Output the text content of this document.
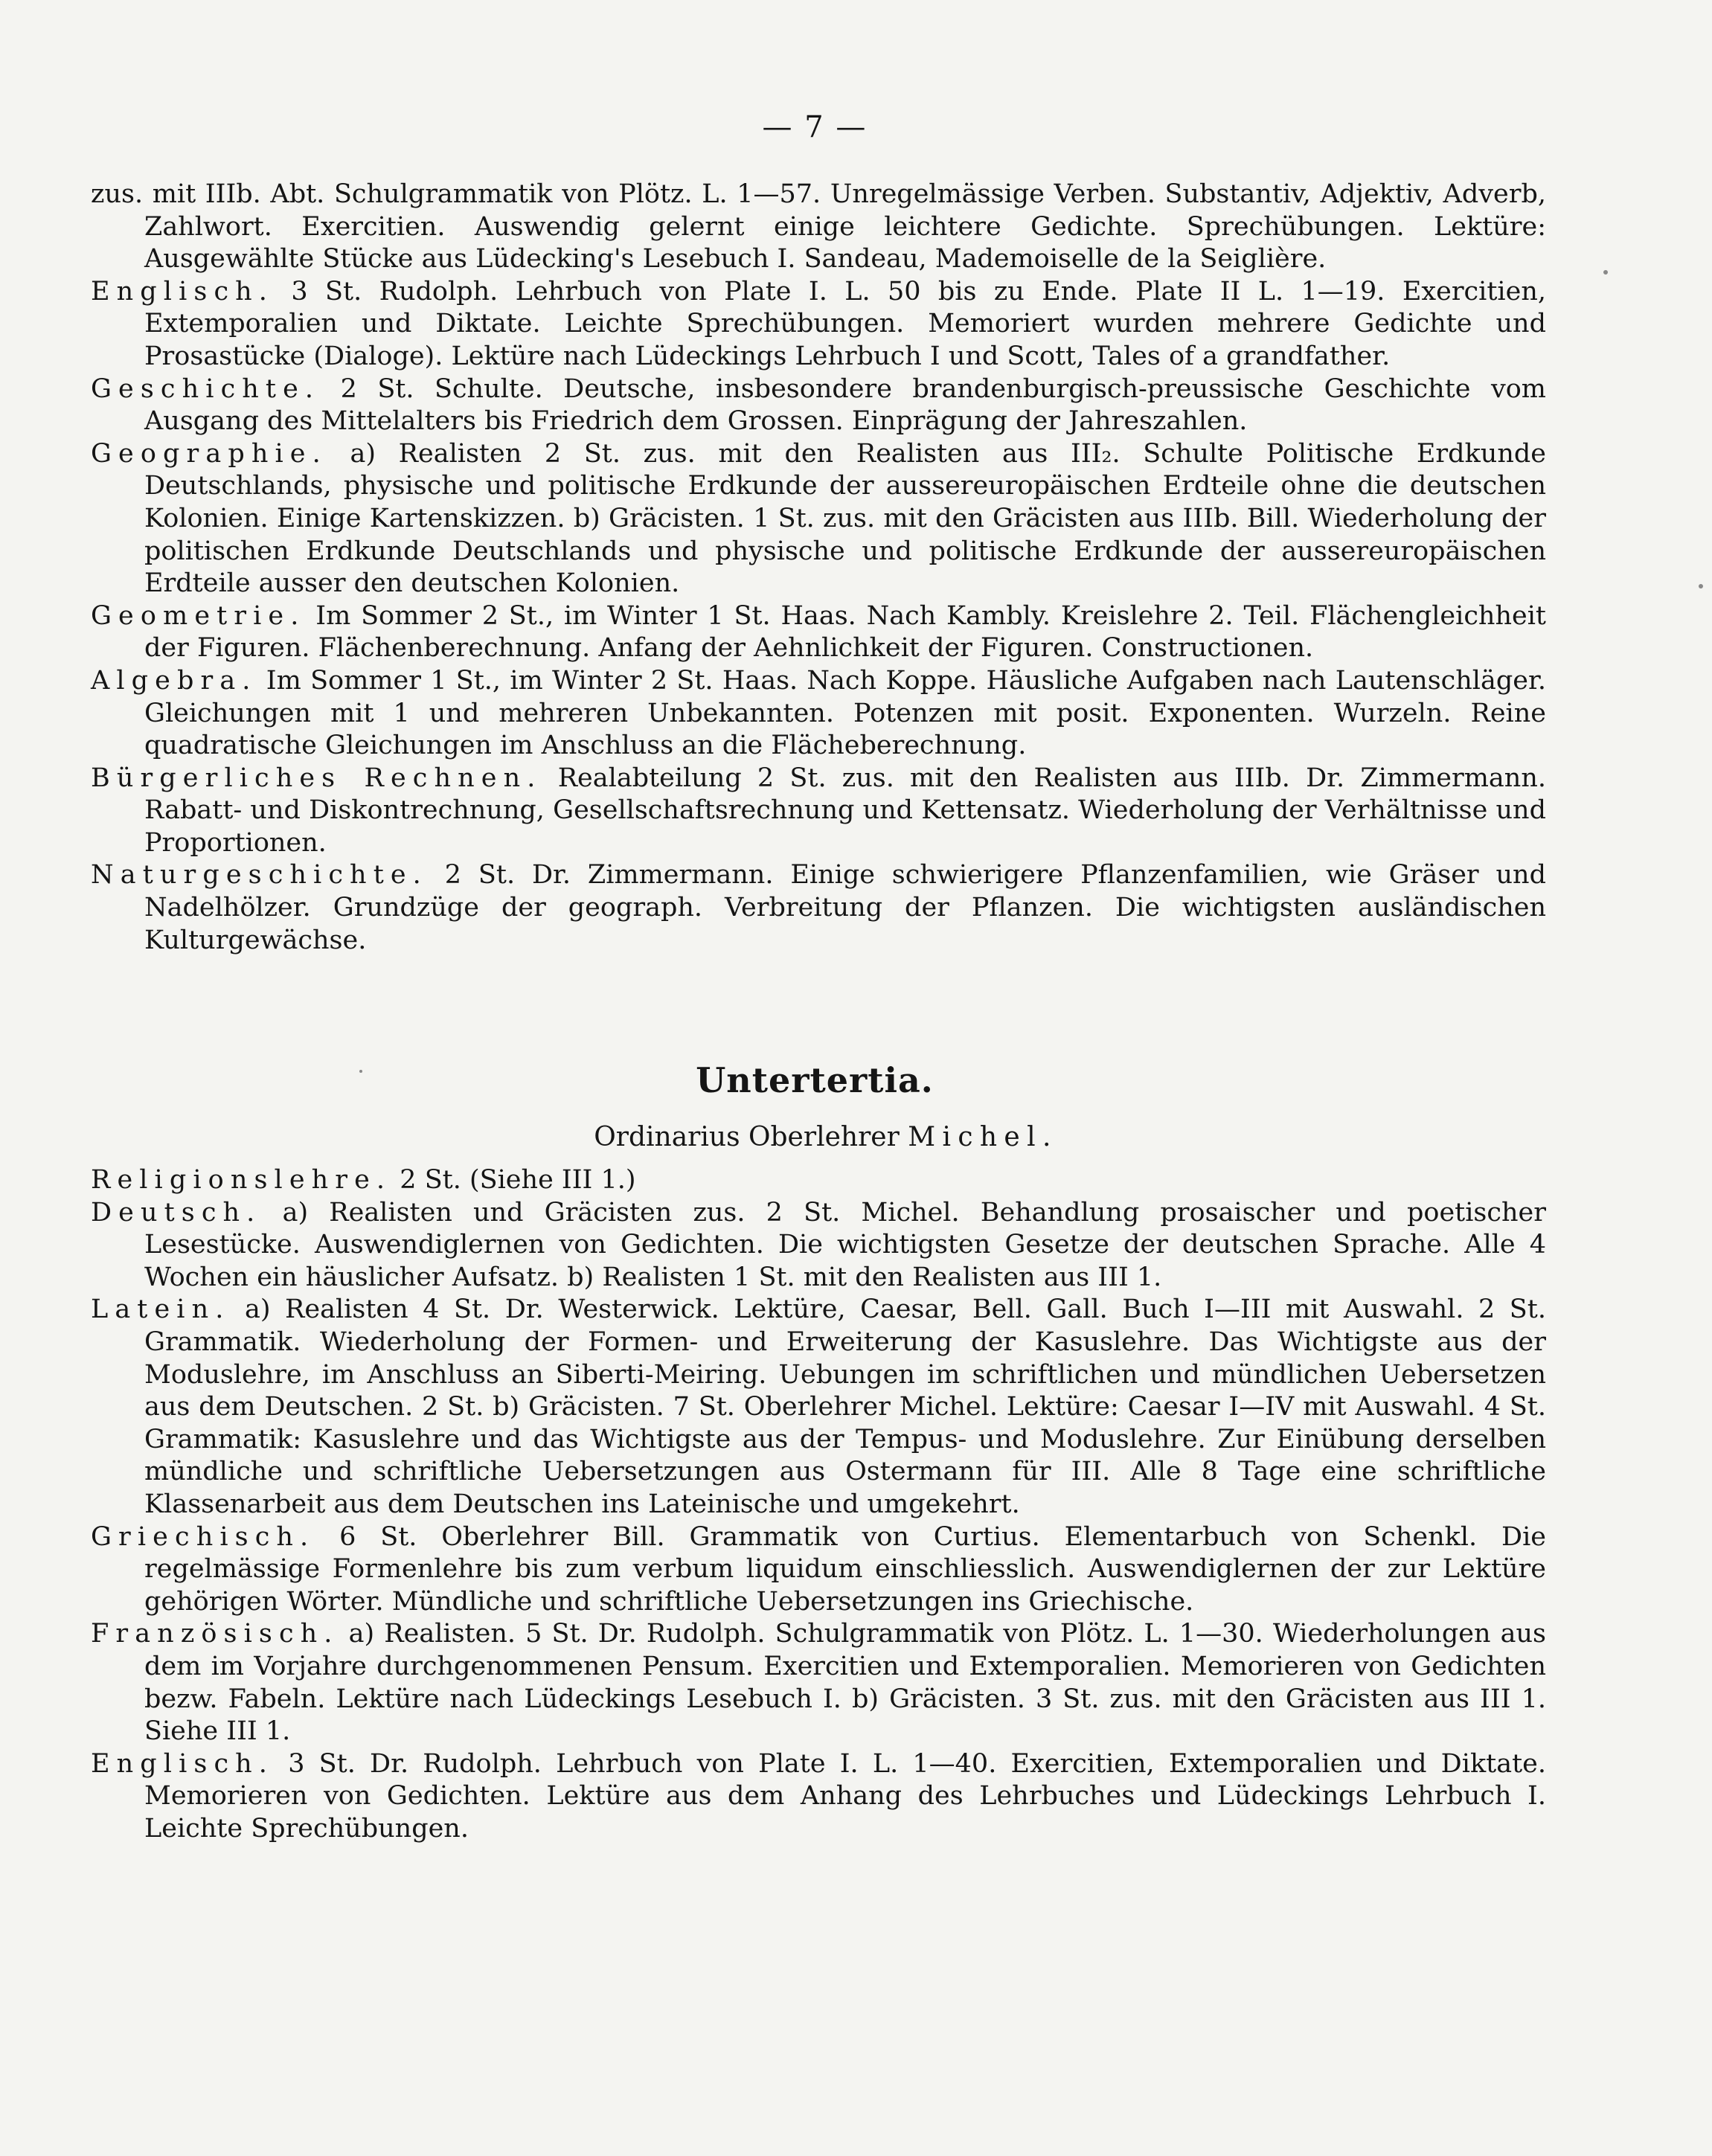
— 7 —

zus. mit IIIb. Abt. Schulgrammatik von Plötz. L. 1—57. Unregelmässige Verben. Substantiv, Adjektiv, Adverb, Zahlwort. Exercitien. Auswendig gelernt einige leichtere Gedichte. Sprechübungen. Lektüre: Ausgewählte Stücke aus Lüdecking's Lesebuch I. Sandeau, Mademoiselle de la Seiglière.

Englisch. 3 St. Rudolph. Lehrbuch von Plate I. L. 50 bis zu Ende. Plate II L. 1—19. Exercitien, Extemporalien und Diktate. Leichte Sprechübungen. Memoriert wurden mehrere Gedichte und Prosastücke (Dialoge). Lektüre nach Lüdeckings Lehrbuch I und Scott, Tales of a grandfather.

Geschichte. 2 St. Schulte. Deutsche, insbesondere brandenburgisch-preussische Geschichte vom Ausgang des Mittelalters bis Friedrich dem Grossen. Einprägung der Jahreszahlen.

Geographie. a) Realisten 2 St. zus. mit den Realisten aus III₂. Schulte Politische Erdkunde Deutschlands, physische und politische Erdkunde der aussereuropäischen Erdteile ohne die deutschen Kolonien. Einige Kartenskizzen. b) Gräcisten. 1 St. zus. mit den Gräcisten aus IIIb. Bill. Wiederholung der politischen Erdkunde Deutschlands und physische und politische Erdkunde der aussereuropäischen Erdteile ausser den deutschen Kolonien.

Geometrie. Im Sommer 2 St., im Winter 1 St. Haas. Nach Kambly. Kreislehre 2. Teil. Flächengleichheit der Figuren. Flächenberechnung. Anfang der Aehnlichkeit der Figuren. Constructionen.

Algebra. Im Sommer 1 St., im Winter 2 St. Haas. Nach Koppe. Häusliche Aufgaben nach Lautenschläger. Gleichungen mit 1 und mehreren Unbekannten. Potenzen mit posit. Exponenten. Wurzeln. Reine quadratische Gleichungen im Anschluss an die Flächeberechnung.

Bürgerliches Rechnen. Realabteilung 2 St. zus. mit den Realisten aus IIIb. Dr. Zimmermann. Rabatt- und Diskontrechnung, Gesellschaftsrechnung und Kettensatz. Wiederholung der Verhältnisse und Proportionen.

Naturgeschichte. 2 St. Dr. Zimmermann. Einige schwierigere Pflanzenfamilien, wie Gräser und Nadelhölzer. Grundzüge der geograph. Verbreitung der Pflanzen. Die wichtigsten ausländischen Kulturgewächse.

Untertertia.
Ordinarius Oberlehrer Michel.

Religionslehre. 2 St. (Siehe III 1.)

Deutsch. a) Realisten und Gräcisten zus. 2 St. Michel. Behandlung prosaischer und poetischer Lesestücke. Auswendiglernen von Gedichten. Die wichtigsten Gesetze der deutschen Sprache. Alle 4 Wochen ein häuslicher Aufsatz. b) Realisten 1 St. mit den Realisten aus III 1.

Latein. a) Realisten 4 St. Dr. Westerwick. Lektüre, Caesar, Bell. Gall. Buch I—III mit Auswahl. 2 St. Grammatik. Wiederholung der Formen- und Erweiterung der Kasuslehre. Das Wichtigste aus der Moduslehre, im Anschluss an Siberti-Meiring. Uebungen im schriftlichen und mündlichen Uebersetzen aus dem Deutschen. 2 St. b) Gräcisten. 7 St. Oberlehrer Michel. Lektüre: Caesar I—IV mit Auswahl. 4 St. Grammatik: Kasuslehre und das Wichtigste aus der Tempus- und Moduslehre. Zur Einübung derselben mündliche und schriftliche Uebersetzungen aus Ostermann für III. Alle 8 Tage eine schriftliche Klassenarbeit aus dem Deutschen ins Lateinische und umgekehrt.

Griechisch. 6 St. Oberlehrer Bill. Grammatik von Curtius. Elementarbuch von Schenkl. Die regelmässige Formenlehre bis zum verbum liquidum einschliesslich. Auswendiglernen der zur Lektüre gehörigen Wörter. Mündliche und schriftliche Uebersetzungen ins Griechische.

Französisch. a) Realisten. 5 St. Dr. Rudolph. Schulgrammatik von Plötz. L. 1—30. Wiederholungen aus dem im Vorjahre durchgenommenen Pensum. Exercitien und Extemporalien. Memorieren von Gedichten bezw. Fabeln. Lektüre nach Lüdeckings Lesebuch I. b) Gräcisten. 3 St. zus. mit den Gräcisten aus III 1. Siehe III 1.

Englisch. 3 St. Dr. Rudolph. Lehrbuch von Plate I. L. 1—40. Exercitien, Extemporalien und Diktate. Memorieren von Gedichten. Lektüre aus dem Anhang des Lehrbuches und Lüdeckings Lehrbuch I. Leichte Sprechübungen.
